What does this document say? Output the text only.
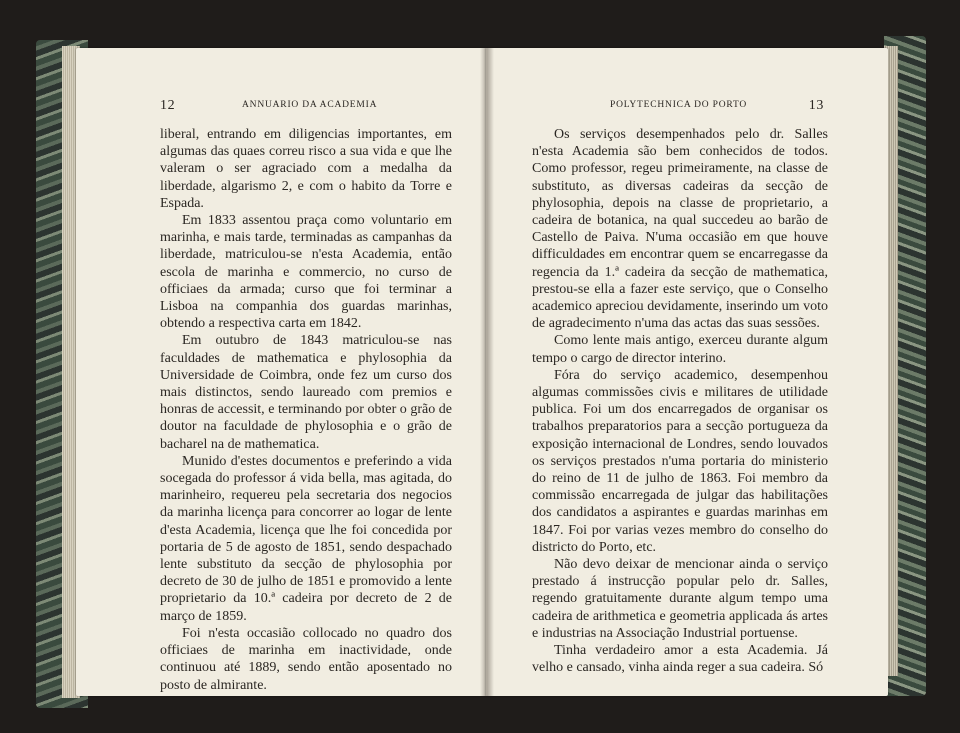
12	ANNUARIO DA ACADEMIA

liberal, entrando em diligencias importantes, em algumas das quaes correu risco a sua vida e que lhe valeram o ser agraciado com a medalha da liberdade, algarismo 2, e com o habito da Torre e Espada.

Em 1833 assentou praça como voluntario em marinha, e mais tarde, terminadas as campanhas da liberdade, matriculou-se n'esta Academia, então escola de marinha e commercio, no curso de officiaes da armada; curso que foi terminar a Lisboa na companhia dos guardas marinhas, obtendo a respectiva carta em 1842.

Em outubro de 1843 matriculou-se nas faculdades de mathematica e phylosophia da Universidade de Coimbra, onde fez um curso dos mais distinctos, sendo laureado com premios e honras de accessit, e terminando por obter o grão de doutor na faculdade de phylosophia e o grão de bacharel na de mathematica.

Munido d'estes documentos e preferindo a vida socegada do professor á vida bella, mas agitada, do marinheiro, requereu pela secretaria dos negocios da marinha licença para concorrer ao logar de lente d'esta Academia, licença que lhe foi concedida por portaria de 5 de agosto de 1851, sendo despachado lente substituto da secção de phylosophia por decreto de 30 de julho de 1851 e promovido a lente proprietario da 10.ª cadeira por decreto de 2 de março de 1859.

Foi n'esta occasião collocado no quadro dos officiaes de marinha em inactividade, onde continuou até 1889, sendo então aposentado no posto de almirante.

POLYTECHNICA DO PORTO	13

Os serviços desempenhados pelo dr. Salles n'esta Academia são bem conhecidos de todos. Como professor, regeu primeiramente, na classe de substituto, as diversas cadeiras da secção de phylosophia, depois na classe de proprietario, a cadeira de botanica, na qual succedeu ao barão de Castello de Paiva. N'uma occasião em que houve difficuldades em encontrar quem se encarregasse da regencia da 1.ª cadeira da secção de mathematica, prestou-se ella a fazer este serviço, que o Conselho academico apreciou devidamente, inserindo um voto de agradecimento n'uma das actas das suas sessões.

Como lente mais antigo, exerceu durante algum tempo o cargo de director interino.

Fóra do serviço academico, desempenhou algumas commissões civis e militares de utilidade publica. Foi um dos encarregados de organisar os trabalhos preparatorios para a secção portugueza da exposição internacional de Londres, sendo louvados os serviços prestados n'uma portaria do ministerio do reino de 11 de julho de 1863. Foi membro da commissão encarregada de julgar das habilitações dos candidatos a aspirantes e guardas marinhas em 1847. Foi por varias vezes membro do conselho do districto do Porto, etc.

Não devo deixar de mencionar ainda o serviço prestado á instrucção popular pelo dr. Salles, regendo gratuitamente durante algum tempo uma cadeira de arithmetica e geometria applicada ás artes e industrias na Associação Industrial portuense.

Tinha verdadeiro amor a esta Academia. Já velho e cansado, vinha ainda reger a sua cadeira. Só
